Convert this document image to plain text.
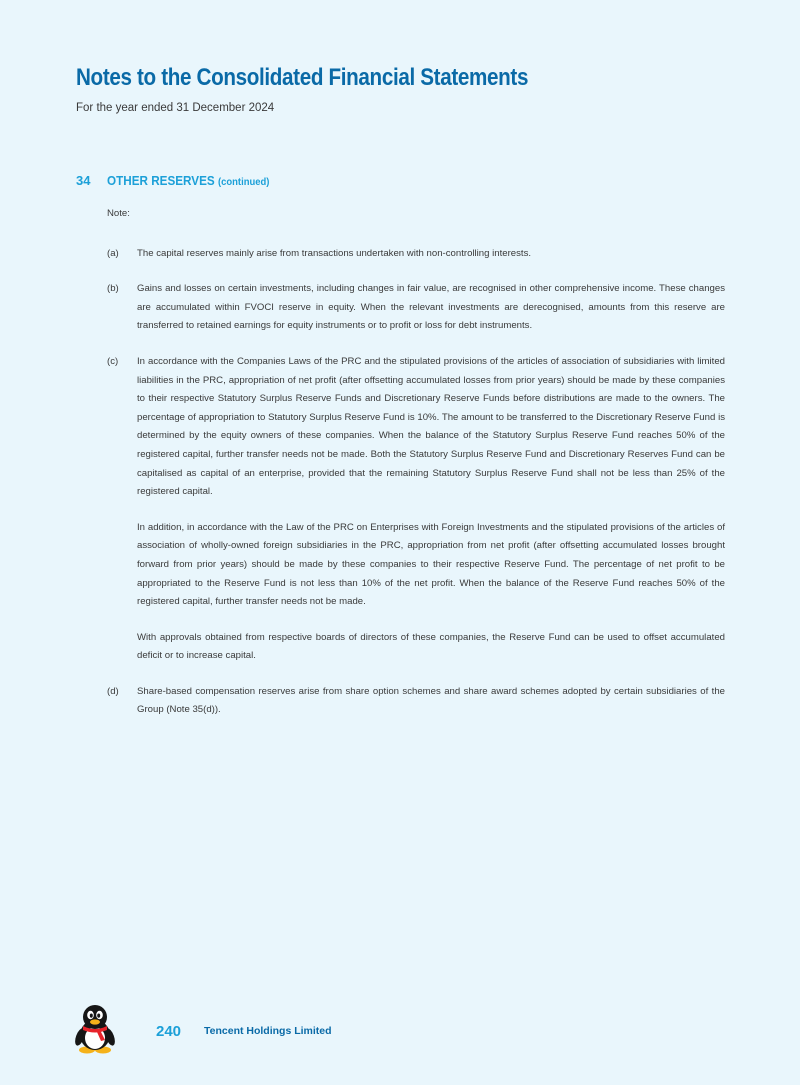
Notes to the Consolidated Financial Statements
For the year ended 31 December 2024
34 OTHER RESERVES (continued)

Note:

(a)	The capital reserves mainly arise from transactions undertaken with non-controlling interests.

(b)	Gains and losses on certain investments, including changes in fair value, are recognised in other comprehensive income. These changes are accumulated within FVOCI reserve in equity. When the relevant investments are derecognised, amounts from this reserve are transferred to retained earnings for equity instruments or to profit or loss for debt instruments.

(c)	In accordance with the Companies Laws of the PRC and the stipulated provisions of the articles of association of subsidiaries with limited liabilities in the PRC, appropriation of net profit (after offsetting accumulated losses from prior years) should be made by these companies to their respective Statutory Surplus Reserve Funds and Discretionary Reserve Funds before distributions are made to the owners. The percentage of appropriation to Statutory Surplus Reserve Fund is 10%. The amount to be transferred to the Discretionary Reserve Fund is determined by the equity owners of these companies. When the balance of the Statutory Surplus Reserve Fund reaches 50% of the registered capital, further transfer needs not be made. Both the Statutory Surplus Reserve Fund and Discretionary Reserves Fund can be capitalised as capital of an enterprise, provided that the remaining Statutory Surplus Reserve Fund shall not be less than 25% of the registered capital.

In addition, in accordance with the Law of the PRC on Enterprises with Foreign Investments and the stipulated provisions of the articles of association of wholly-owned foreign subsidiaries in the PRC, appropriation from net profit (after offsetting accumulated losses brought forward from prior years) should be made by these companies to their respective Reserve Fund. The percentage of net profit to be appropriated to the Reserve Fund is not less than 10% of the net profit. When the balance of the Reserve Fund reaches 50% of the registered capital, further transfer needs not be made.

With approvals obtained from respective boards of directors of these companies, the Reserve Fund can be used to offset accumulated deficit or to increase capital.

(d)	Share-based compensation reserves arise from share option schemes and share award schemes adopted by certain subsidiaries of the Group (Note 35(d)).

240 Tencent Holdings Limited
